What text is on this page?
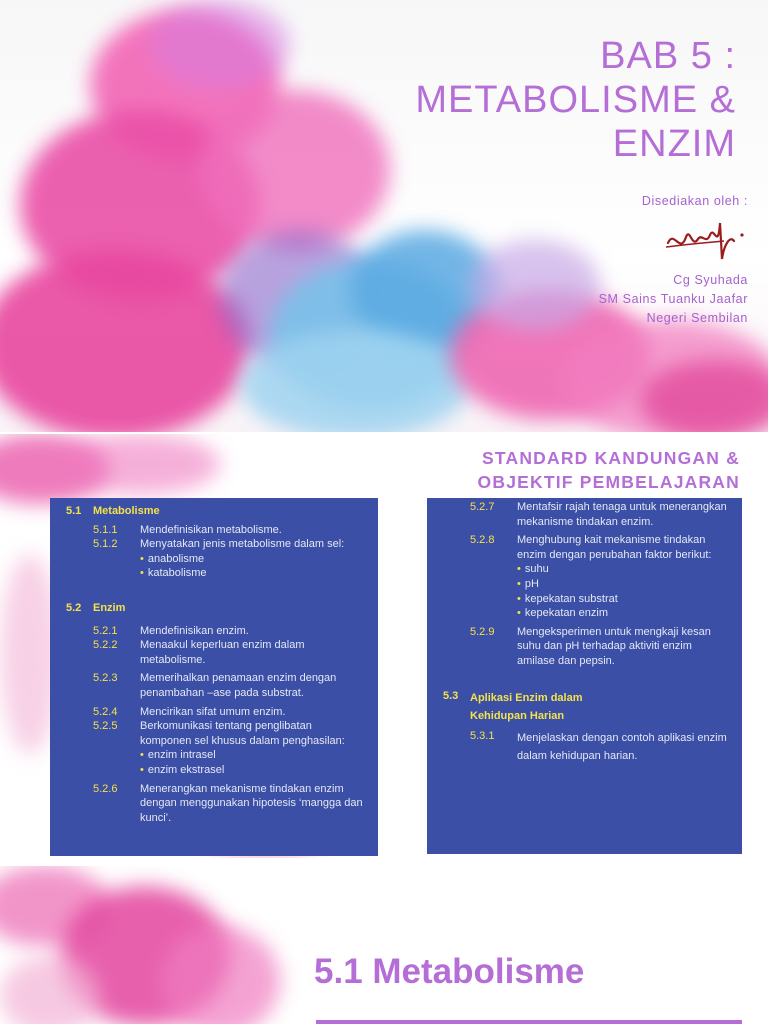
BAB 5 :
METABOLISME &
ENZIM
Disediakan oleh :
Cg Syuhada
SM Sains Tuanku Jaafar
Negeri Sembilan
STANDARD KANDUNGAN &
OBJEKTIF PEMBELAJARAN
5.1	Metabolisme
5.1.1	Mendefinisikan metabolisme.
5.1.2	Menyatakan jenis metabolisme dalam sel:
• anabolisme
• katabolisme
5.2	Enzim
5.2.1	Mendefinisikan enzim.
5.2.2	Menaakul keperluan enzim dalam metabolisme.
5.2.3	Memerihalkan penamaan enzim dengan penambahan –ase pada substrat.
5.2.4	Mencirikan sifat umum enzim.
5.2.5	Berkomunikasi tentang penglibatan komponen sel khusus dalam penghasilan:
• enzim intrasel
• enzim ekstrasel
5.2.6	Menerangkan mekanisme tindakan enzim dengan menggunakan hipotesis ‘mangga dan kunci’.
5.2.7	Mentafsir rajah tenaga untuk menerangkan mekanisme tindakan enzim.
5.2.8	Menghubung kait mekanisme tindakan enzim dengan perubahan faktor berikut:
• suhu
• pH
• kepekatan substrat
• kepekatan enzim
5.2.9	Mengeksperimen untuk mengkaji kesan suhu dan pH terhadap aktiviti enzim amilase dan pepsin.
5.3	Aplikasi Enzim dalam Kehidupan Harian
5.3.1	Menjelaskan dengan contoh aplikasi enzim dalam kehidupan harian.
5.1 Metabolisme
